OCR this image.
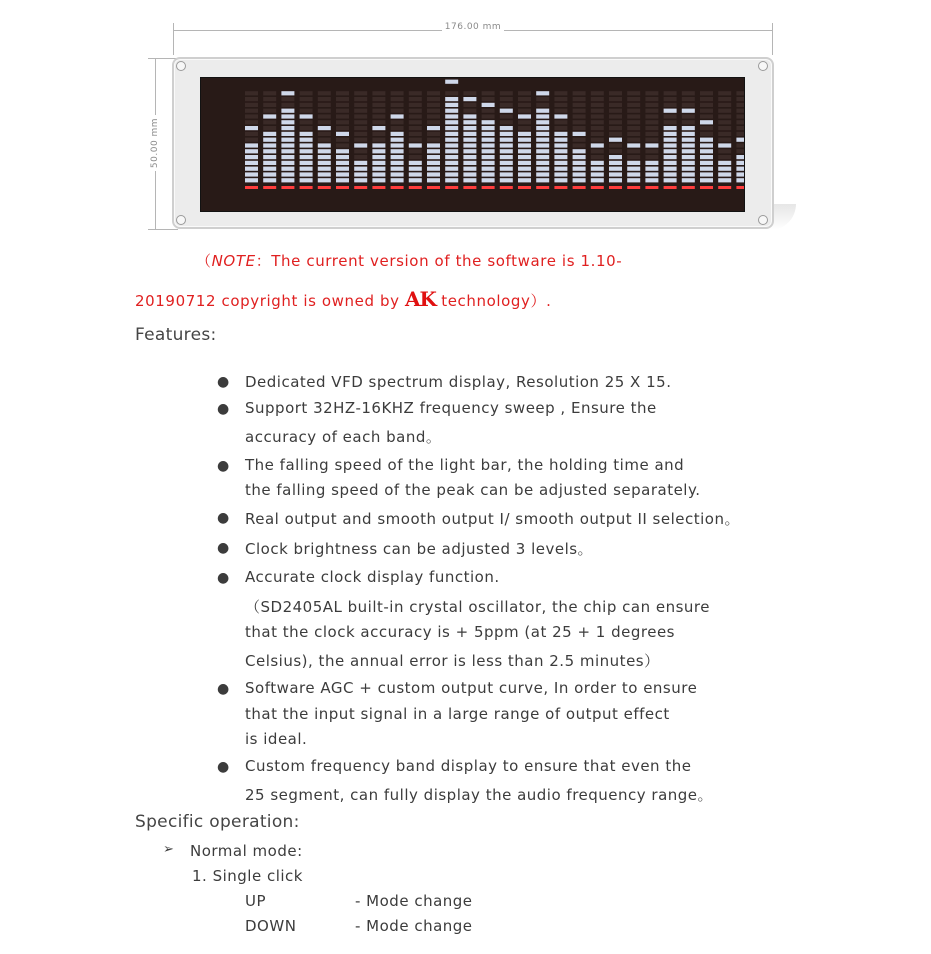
176.00 mm
50.00 mm
（NOTE：The current version of the software is 1.10-
20190712 copyright is owned by AK technology）.
Features:
● Dedicated VFD spectrum display, Resolution 25 X 15.
● Support 32HZ-16KHZ frequency sweep , Ensure the
accuracy of each band。
● The falling speed of the light bar, the holding time and
the falling speed of the peak can be adjusted separately.
● Real output and smooth output I/ smooth output II selection。
● Clock brightness can be adjusted 3 levels。
● Accurate clock display function.
（SD2405AL built-in crystal oscillator, the chip can ensure
that the clock accuracy is + 5ppm (at 25 + 1 degrees
Celsius), the annual error is less than 2.5 minutes）
● Software AGC + custom output curve, In order to ensure
that the input signal in a large range of output effect
is ideal.
● Custom frequency band display to ensure that even the
25 segment, can fully display the audio frequency range。
Specific operation:
➢ Normal mode:
1. Single click
UP	- Mode change
DOWN	- Mode change
